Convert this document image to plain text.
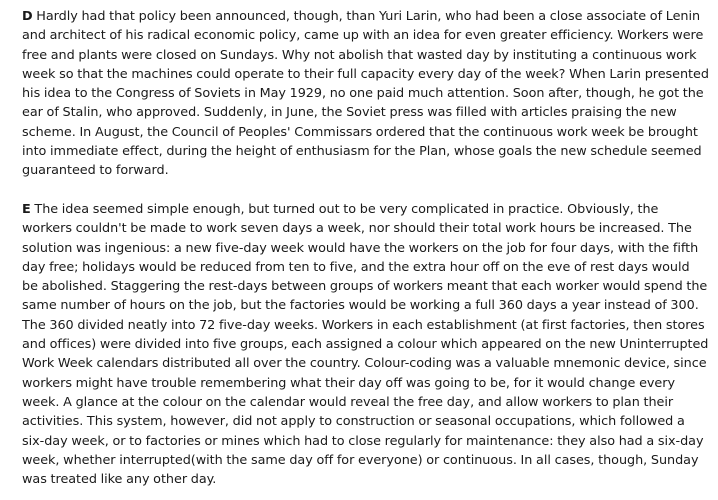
D Hardly had that policy been announced, though, than Yuri Larin, who had been a close associate of Lenin and architect of his radical economic policy, came up with an idea for even greater efficiency. Workers were free and plants were closed on Sundays. Why not abolish that wasted day by instituting a continuous work week so that the machines could operate to their full capacity every day of the week? When Larin presented his idea to the Congress of Soviets in May 1929, no one paid much attention. Soon after, though, he got the ear of Stalin, who approved. Suddenly, in June, the Soviet press was filled with articles praising the new scheme. In August, the Council of Peoples' Commissars ordered that the continuous work week be brought into immediate effect, during the height of enthusiasm for the Plan, whose goals the new schedule seemed guaranteed to forward.

E The idea seemed simple enough, but turned out to be very complicated in practice. Obviously, the workers couldn't be made to work seven days a week, nor should their total work hours be increased. The solution was ingenious: a new five-day week would have the workers on the job for four days, with the fifth day free; holidays would be reduced from ten to five, and the extra hour off on the eve of rest days would be abolished. Staggering the rest-days between groups of workers meant that each worker would spend the same number of hours on the job, but the factories would be working a full 360 days a year instead of 300. The 360 divided neatly into 72 five-day weeks. Workers in each establishment (at first factories, then stores and offices) were divided into five groups, each assigned a colour which appeared on the new Uninterrupted Work Week calendars distributed all over the country. Colour-coding was a valuable mnemonic device, since workers might have trouble remembering what their day off was going to be, for it would change every week. A glance at the colour on the calendar would reveal the free day, and allow workers to plan their activities. This system, however, did not apply to construction or seasonal occupations, which followed a six-day week, or to factories or mines which had to close regularly for maintenance: they also had a six-day week, whether interrupted(with the same day off for everyone) or continuous. In all cases, though, Sunday was treated like any other day.
